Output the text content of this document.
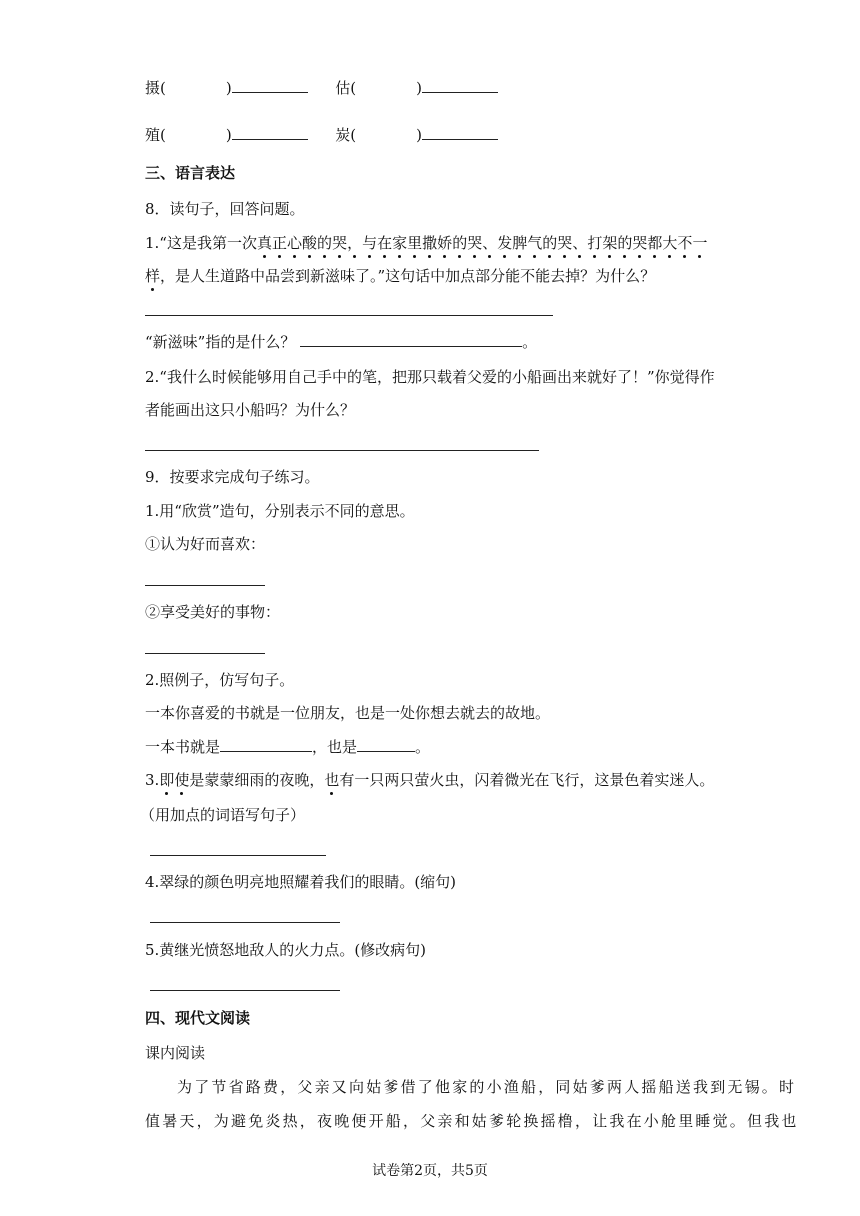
摄(	)	估(	)
殖(	)	炭(	)
三、语言表达
8．读句子，回答问题。
1.“这是我第一次真正心酸的哭，与在家里撒娇的哭、发脾气的哭、打架的哭都大不一
样，是人生道路中品尝到新滋味了。”这句话中加点部分能不能去掉？为什么？
“新滋味”指的是什么？	。
2.“我什么时候能够用自己手中的笔，把那只载着父爱的小船画出来就好了！”你觉得作
者能画出这只小船吗？为什么？
9．按要求完成句子练习。
1.用“欣赏”造句，分别表示不同的意思。
①认为好而喜欢：
②享受美好的事物：
2.照例子，仿写句子。
一本你喜爱的书就是一位朋友，也是一处你想去就去的故地。
一本书就是	，也是	。
3.即使是蒙蒙细雨的夜晚，也有一只两只萤火虫，闪着微光在飞行，这景色着实迷人。
（用加点的词语写句子）
4.翠绿的颜色明亮地照耀着我们的眼睛。(缩句)
5.黄继光愤怒地敌人的火力点。(修改病句)
四、现代文阅读
课内阅读
为了节省路费，父亲又向姑爹借了他家的小渔船，同姑爹两人摇船送我到无锡。时
值暑天，为避免炎热，夜晚便开船，父亲和姑爹轮换摇橹，让我在小舱里睡觉。但我也
试卷第2页，共5页
